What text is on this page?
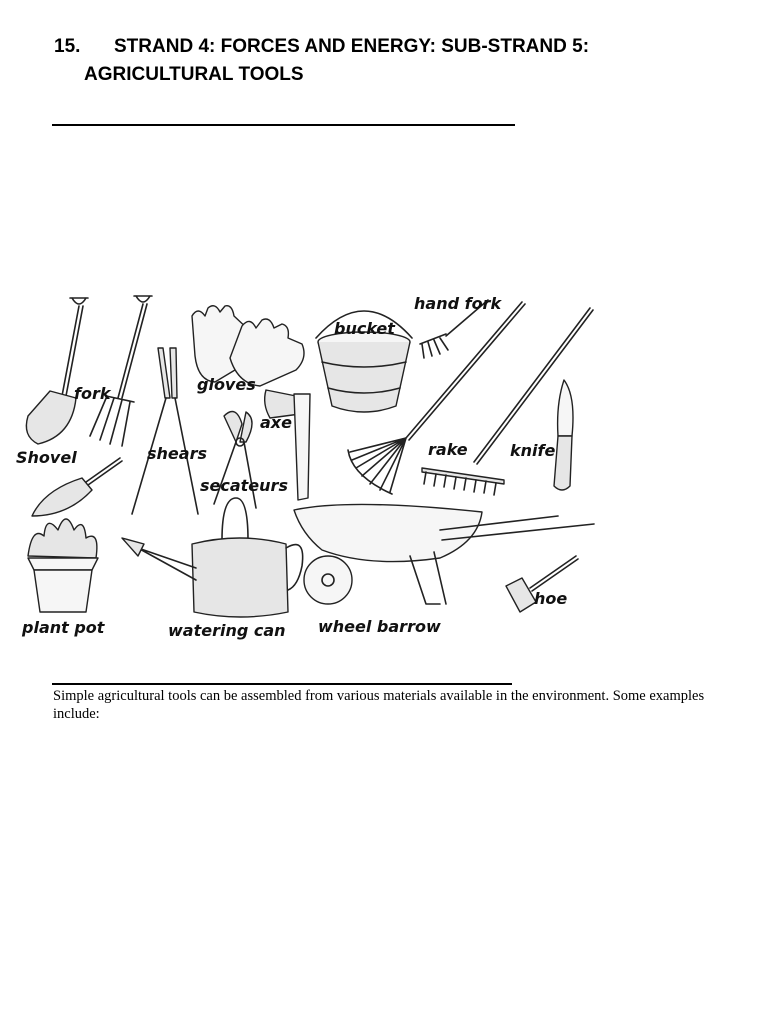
15. STRAND 4: FORCES AND ENERGY: SUB-STRAND 5:
AGRICULTURAL TOOLS
Shovel
fork	gloves
bucket
hand fork
shears
axe
secateurs
rake	knife
plant pot	watering can wheel barrow
hoe

Simple agricultural tools can be assembled from various materials available in the environment. Some examples include:
